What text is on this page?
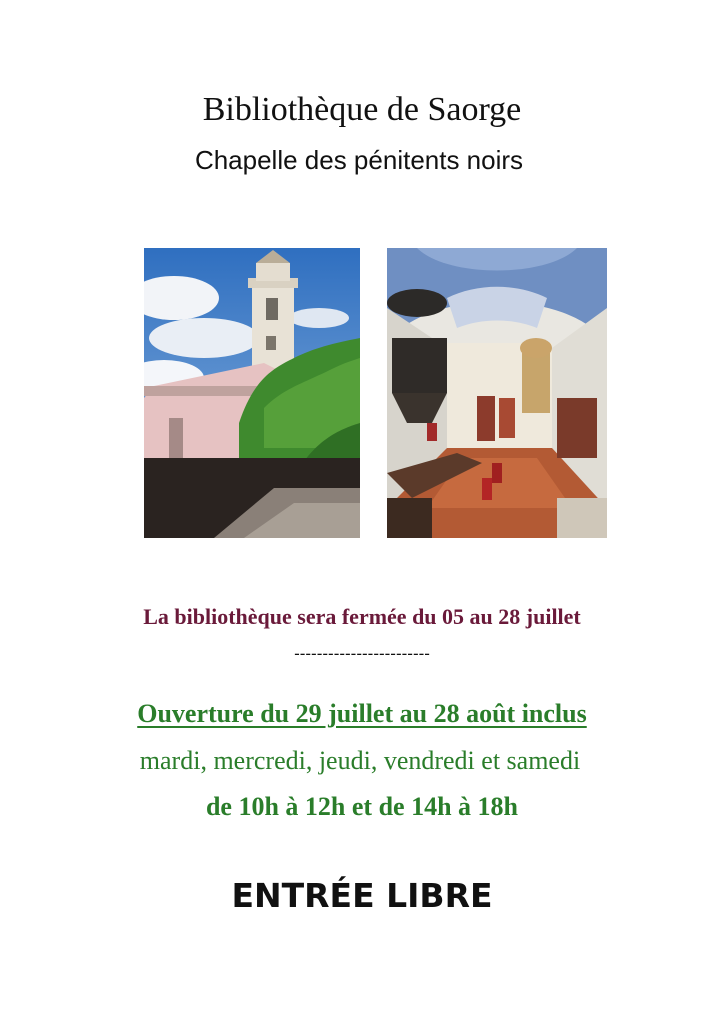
Bibliothèque de Saorge
Chapelle des pénitents noirs
La bibliothèque sera fermée du 05 au 28 juillet
------------------------
Ouverture du 29 juillet au 28 août inclus
mardi, mercredi, jeudi, vendredi et samedi
de 10h à 12h et de 14h à 18h
ENTRÉE LIBRE
